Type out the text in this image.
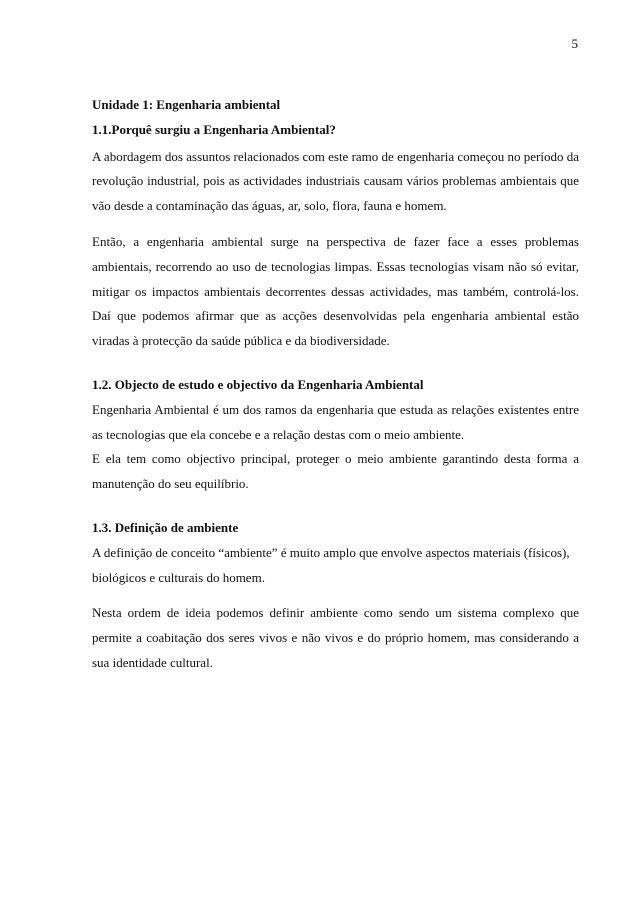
5
Unidade 1: Engenharia ambiental
1.1.Porquê surgiu a Engenharia Ambiental?

A abordagem dos assuntos relacionados com este ramo de engenharia começou no período da revolução industrial, pois as actividades industriais causam vários problemas ambientais que vão desde a contaminação das águas, ar, solo, flora, fauna e homem.

Então, a engenharia ambiental surge na perspectiva de fazer face a esses problemas ambientais, recorrendo ao uso de tecnologias limpas. Essas tecnologias visam não só evitar, mitigar os impactos ambientais decorrentes dessas actividades, mas também, controlá-los. Daí que podemos afirmar que as acções desenvolvidas pela engenharia ambiental estão viradas à protecção da saúde pública e da biodiversidade.

1.2. Objecto de estudo e objectivo da Engenharia Ambiental

Engenharia Ambiental é um dos ramos da engenharia que estuda as relações existentes entre as tecnologias que ela concebe e a relação destas com o meio ambiente.

E ela tem como objectivo principal, proteger o meio ambiente garantindo desta forma a manutenção do seu equilíbrio.

1.3. Definição de ambiente

A definição de conceito “ambiente” é muito amplo que envolve aspectos materiais (físicos), biológicos e culturais do homem.

Nesta ordem de ideia podemos definir ambiente como sendo um sistema complexo que permite a coabitação dos seres vivos e não vivos e do próprio homem, mas considerando a sua identidade cultural.
